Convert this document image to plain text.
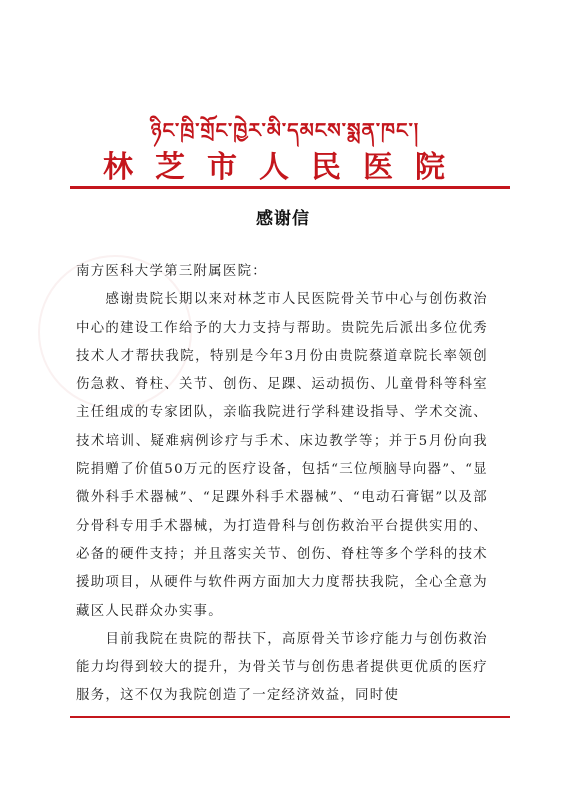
ཉིང་ཁྲི་གྲོང་ཁྱེར་མི་དམངས་སྨན་ཁང་།
林芝市人民医院
感谢信

南方医科大学第三附属医院：

感谢贵院长期以来对林芝市人民医院骨关节中心与创伤救治中心的建设工作给予的大力支持与帮助。贵院先后派出多位优秀技术人才帮扶我院，特别是今年3月份由贵院蔡道章院长率领创伤急救、脊柱、关节、创伤、足踝、运动损伤、儿童骨科等科室主任组成的专家团队，亲临我院进行学科建设指导、学术交流、技术培训、疑难病例诊疗与手术、床边教学等；并于5月份向我院捐赠了价值50万元的医疗设备，包括“三位颅脑导向器”、“显微外科手术器械”、“足踝外科手术器械”、“电动石膏锯”以及部分骨科专用手术器械，为打造骨科与创伤救治平台提供实用的、必备的硬件支持；并且落实关节、创伤、脊柱等多个学科的技术援助项目，从硬件与软件两方面加大力度帮扶我院，全心全意为藏区人民群众办实事。

目前我院在贵院的帮扶下，高原骨关节诊疗能力与创伤救治能力均得到较大的提升，为骨关节与创伤患者提供更优质的医疗服务，这不仅为我院创造了一定经济效益，同时使
